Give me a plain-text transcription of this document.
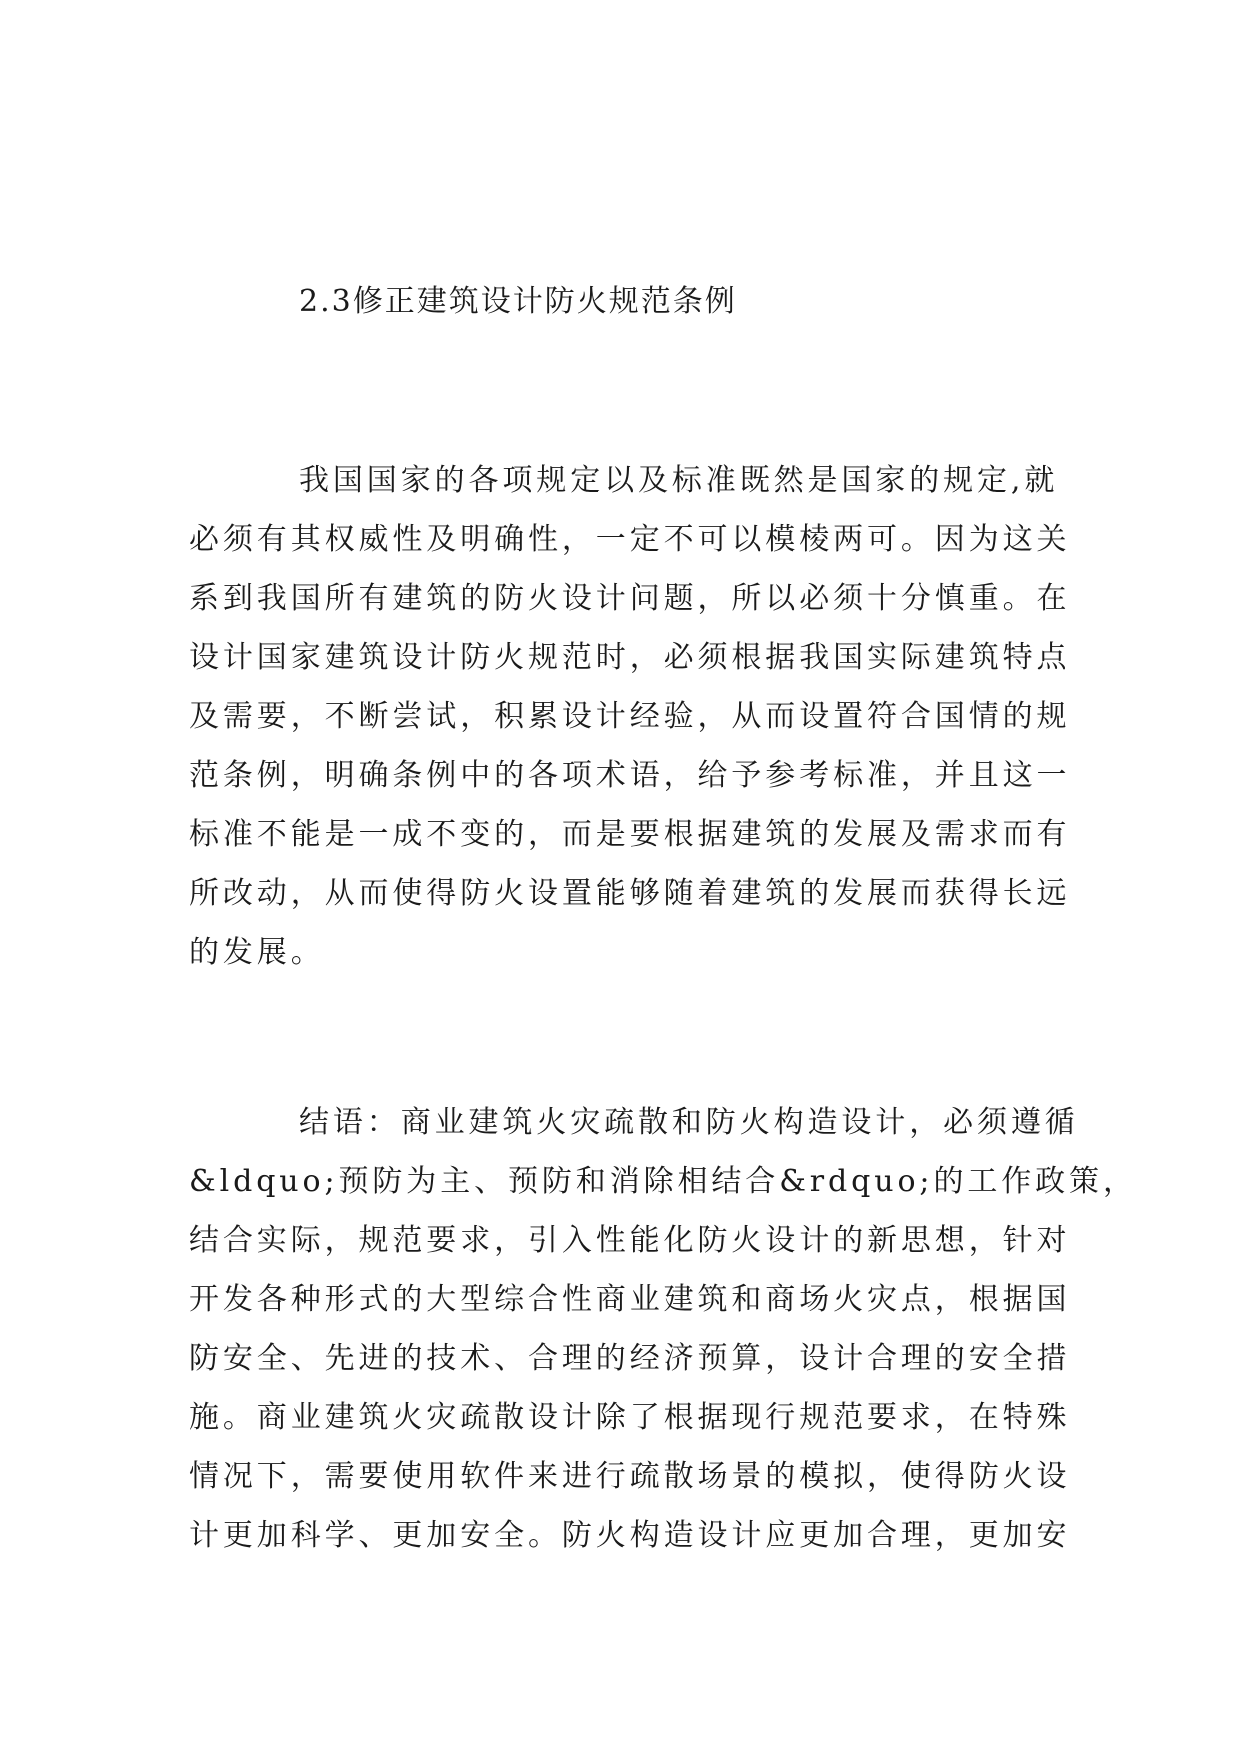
2.3修正建筑设计防火规范条例
我国国家的各项规定以及标准既然是国家的规定,就
必须有其权威性及明确性，一定不可以模棱两可。因为这关
系到我国所有建筑的防火设计问题，所以必须十分慎重。在
设计国家建筑设计防火规范时，必须根据我国实际建筑特点
及需要，不断尝试，积累设计经验，从而设置符合国情的规
范条例，明确条例中的各项术语，给予参考标准，并且这一
标准不能是一成不变的，而是要根据建筑的发展及需求而有
所改动，从而使得防火设置能够随着建筑的发展而获得长远
的发展。
结语：商业建筑火灾疏散和防火构造设计，必须遵循
&ldquo;预防为主、预防和消除相结合&rdquo;的工作政策，
结合实际，规范要求，引入性能化防火设计的新思想，针对
开发各种形式的大型综合性商业建筑和商场火灾点，根据国
防安全、先进的技术、合理的经济预算，设计合理的安全措
施。商业建筑火灾疏散设计除了根据现行规范要求，在特殊
情况下，需要使用软件来进行疏散场景的模拟，使得防火设
计更加科学、更加安全。防火构造设计应更加合理，更加安
